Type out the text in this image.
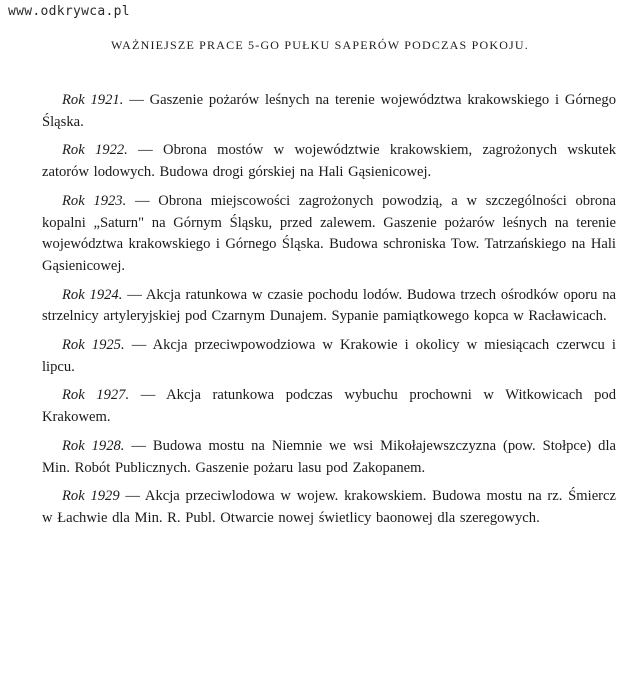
www.odkrywca.pl
WAŻNIEJSZE PRACE 5-GO PUŁKU SAPERÓW PODCZAS POKOJU.

Rok 1921. — Gaszenie pożarów leśnych na terenie województwa krakowskiego i Górnego Śląska.

Rok 1922. — Obrona mostów w województwie krakowskiem, zagrożonych wskutek zatorów lodowych. Budowa drogi górskiej na Hali Gąsienicowej.

Rok 1923. — Obrona miejscowości zagrożonych powodzią, a w szczególności obrona kopalni „Saturn" na Górnym Śląsku, przed zalewem. Gaszenie pożarów leśnych na terenie województwa krakowskiego i Górnego Śląska. Budowa schroniska Tow. Tatrzańskiego na Hali Gąsienicowej.

Rok 1924. — Akcja ratunkowa w czasie pochodu lodów. Budowa trzech ośrodków oporu na strzelnicy artyleryjskiej pod Czarnym Dunajem. Sypanie pamiątkowego kopca w Racławicach.

Rok 1925. — Akcja przeciwpowodziowa w Krakowie i okolicy w miesiącach czerwcu i lipcu.

Rok 1927. — Akcja ratunkowa podczas wybuchu prochowni w Witkowicach pod Krakowem.

Rok 1928. — Budowa mostu na Niemnie we wsi Mikołajewszczyzna (pow. Stołpce) dla Min. Robót Publicznych. Gaszenie pożaru lasu pod Zakopanem.

Rok 1929 — Akcja przeciwlodowa w wojew. krakowskiem. Budowa mostu na rz. Śmiercz w Łachwie dla Min. R. Publ. Otwarcie nowej świetlicy baonowej dla szeregowych.
